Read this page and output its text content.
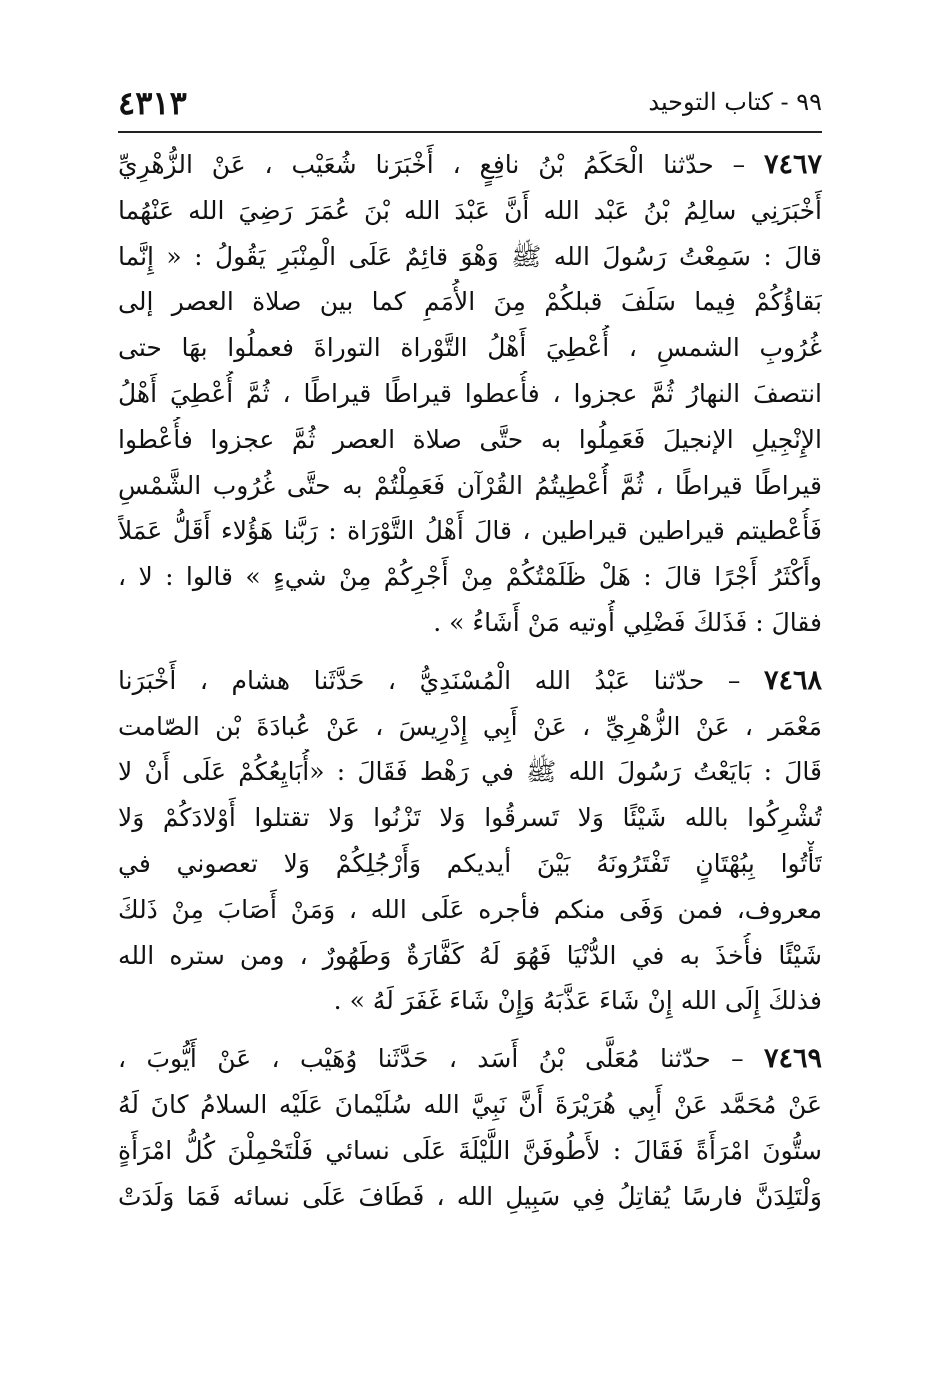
٩٩ - كتاب التوحيد
٤٣١٣
٧٤٦٧ – حدّثنا الْحَكَمُ بْنُ نافِعٍ ، أَخْبَرَنا شُعَيْب ، عَنْ الزُّهْرِيِّ
أَخْبَرَنِي سالِمُ بْنُ عَبْد الله أَنَّ عَبْدَ الله بْنَ عُمَرَ رَضِيَ الله عَنْهُما
قالَ : سَمِعْتُ رَسُولَ الله ﷺ وَهْوَ قائِمٌ عَلَى الْمِنْبَرِ يَقُولُ : « إِنَّما
بَقاؤُكُمْ فِيما سَلَفَ قبلكُمْ مِنَ الأُمَمِ كما بين صلاة العصر إلى
غُرُوبِ الشمسِ ، أُعْطِيَ أَهْلُ التَّوْراة التوراةَ فعملُوا بهَا حتى
انتصفَ النهارُ ثُمَّ عجزوا ، فأُعطوا قيراطًا قيراطًا ، ثُمَّ أُعْطِيَ أَهْلُ
الإِنْجِيلِ الإنجيلَ فَعَمِلُوا به حتَّى صلاة العصر ثُمَّ عجزوا فأُعْطوا
قيراطًا قيراطًا ، ثُمَّ أُعْطِيتُمُ القُرْآن فَعَمِلْتُمْ به حتَّى غُرُوب الشَّمْسِ
فَأُعْطيتم قيراطين قيراطين ، قالَ أَهْلُ التَّوْرَاة : رَبَّنا هَؤُلاء أَقَلُّ عَمَلاً
وأَكْثَرُ أَجْرًا قالَ : هَلْ ظَلَمْتُكُمْ مِنْ أَجْرِكُمْ مِنْ شيءٍ » قالوا : لا ،
فقالَ : فَذَلكَ فَضْلِي أُوتيه مَنْ أَشَاءُ » .
٧٤٦٨ – حدّثنا عَبْدُ الله الْمُسْنَدِيُّ ، حَدَّثَنا هشام ، أَخْبَرَنا
مَعْمَر ، عَنْ الزُّهْرِيِّ ، عَنْ أَبِي إِدْرِيسَ ، عَنْ عُبادَةَ بْن الصّامت
قَالَ : بَايَعْتُ رَسُولَ الله ﷺ في رَهْط فَقَالَ : «أُبَايِعُكُمْ عَلَى أَنْ لا
تُشْرِكُوا بالله شَيْئًا وَلا تَسرقُوا وَلا تَزْنُوا وَلا تقتلوا أَوْلادَكُمْ وَلا
تَأْتُوا بِبُهْتَانٍ تَفْتَرُونَهُ بَيْنَ أيديكم وَأَرْجُلِكُمْ وَلا تعصوني في
معروف، فمن وَفَى منكم فأجره عَلَى الله ، وَمَنْ أَصَابَ مِنْ ذَلكَ
شَيْئًا فأُخذَ به في الدُّنْيَا فَهُوَ لَهُ كَفَّارَةٌ وَطَهُورٌ ، ومن ستره الله
فذلكَ إِلَى الله إِنْ شَاءَ عَذَّبَهُ وَإِنْ شَاءَ غَفَرَ لَهُ » .
٧٤٦٩ – حدّثنا مُعَلَّى بْنُ أَسَد ، حَدَّثَنا وُهَيْب ، عَنْ أَيُّوبَ ،
عَنْ مُحَمَّد عَنْ أَبِي هُرَيْرَةَ أَنَّ نَبِيَّ الله سُلَيْمانَ عَلَيْه السلامُ كانَ لَهُ
ستُّونَ امْرَأَةً فَقَالَ : لأَطُوفَنَّ اللَّيْلَةَ عَلَى نسائي فَلْتَحْمِلْنَ كُلُّ امْرَأَةٍ
وَلْتَلِدَنَّ فارسًا يُقاتِلُ فِي سَبِيلِ الله ، فَطَافَ عَلَى نسائه فَمَا وَلَدَتْ
